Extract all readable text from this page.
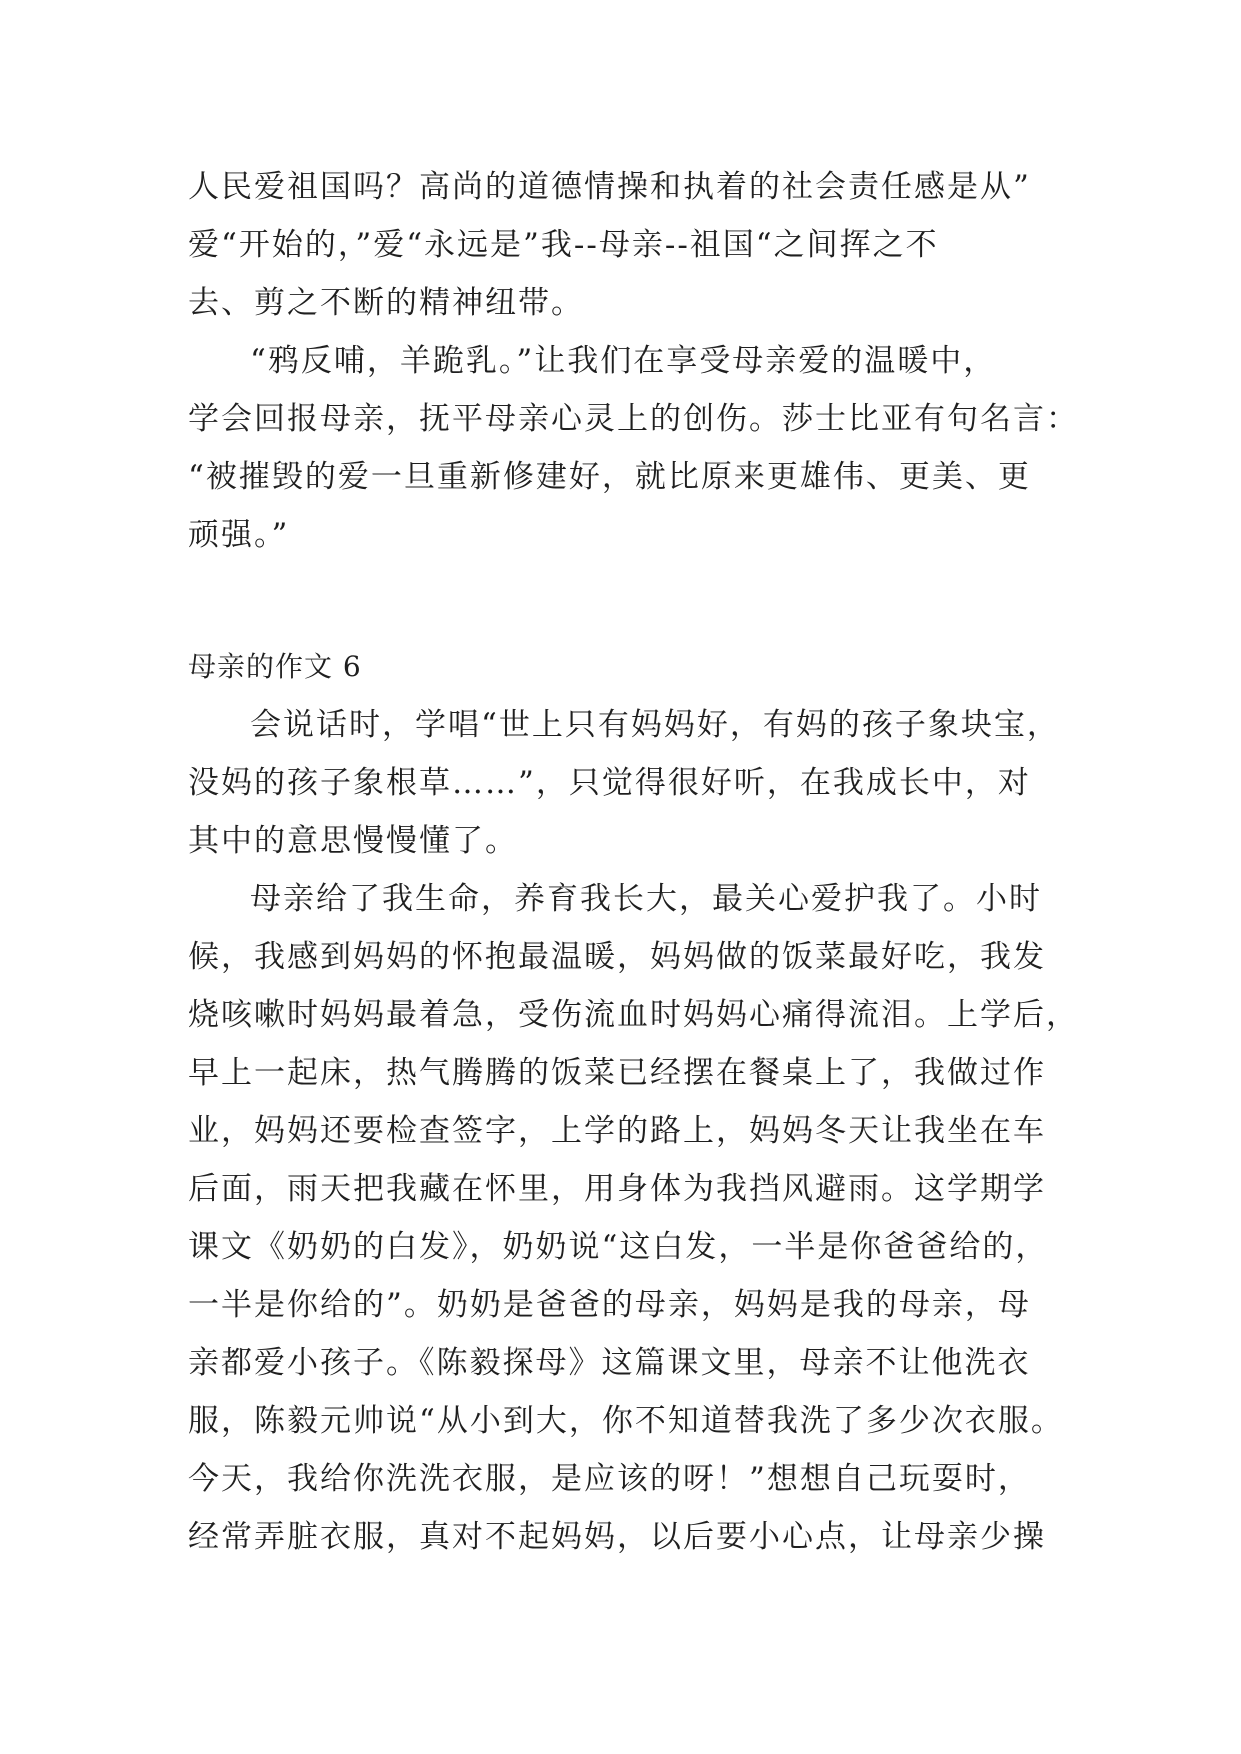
人民爱祖国吗？高尚的道德情操和执着的社会责任感是从”
爱“开始的，”爱“永远是”我--母亲--祖国“之间挥之不
去、剪之不断的精神纽带。
“鸦反哺，羊跪乳。”让我们在享受母亲爱的温暖中，
学会回报母亲，抚平母亲心灵上的创伤。莎士比亚有句名言：
“被摧毁的爱一旦重新修建好，就比原来更雄伟、更美、更
顽强。”
母亲的作文 6
会说话时，学唱“世上只有妈妈好，有妈的孩子象块宝，
没妈的孩子象根草……”，只觉得很好听，在我成长中，对
其中的意思慢慢懂了。
母亲给了我生命，养育我长大，最关心爱护我了。小时
候，我感到妈妈的怀抱最温暖，妈妈做的饭菜最好吃，我发
烧咳嗽时妈妈最着急，受伤流血时妈妈心痛得流泪。上学后，
早上一起床，热气腾腾的饭菜已经摆在餐桌上了，我做过作
业，妈妈还要检查签字，上学的路上，妈妈冬天让我坐在车
后面，雨天把我藏在怀里，用身体为我挡风避雨。这学期学
课文《奶奶的白发》，奶奶说“这白发，一半是你爸爸给的，
一半是你给的”。奶奶是爸爸的母亲，妈妈是我的母亲，母
亲都爱小孩子。《陈毅探母》这篇课文里，母亲不让他洗衣
服，陈毅元帅说“从小到大，你不知道替我洗了多少次衣服。
今天，我给你洗洗衣服，是应该的呀！”想想自己玩耍时，
经常弄脏衣服，真对不起妈妈，以后要小心点，让母亲少操
